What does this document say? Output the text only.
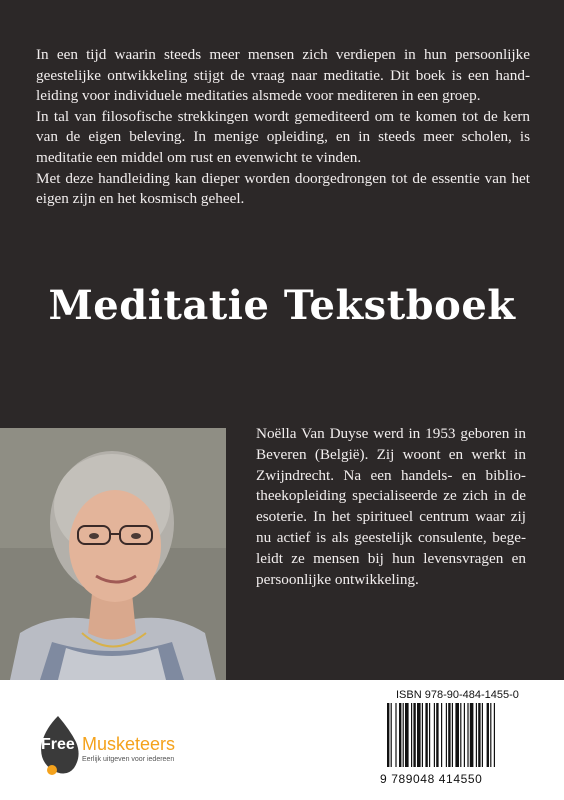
In een tijd waarin steeds meer mensen zich verdiepen in hun persoonlijke geestelijke ontwikkeling stijgt de vraag naar meditatie. Dit boek is een hand-leiding voor individuele meditaties alsmede voor mediteren in een groep.

In tal van filosofische strekkingen wordt gemediteerd om te komen tot de kern van de eigen beleving. In menige opleiding, en in steeds meer scholen, is meditatie een middel om rust en evenwicht te vinden.

Met deze handleiding kan dieper worden doorgedrongen tot de essentie van het eigen zijn en het kosmisch geheel.

Meditatie Tekstboek
Noëlla Van Duyse werd in 1953 geboren in Beveren (België). Zij woont en werkt in Zwijndrecht. Na een handels- en biblio-theekopleiding specialiseerde ze zich in de esoterie. In het spiritueel centrum waar zij nu actief is als geestelijk consulente, bege-leidt ze mensen bij hun levensvragen en persoonlijke ontwikkeling.
Free Musketeers
Eerlijk uitgeven voor iedereen
ISBN 978-90-484-1455-0
9 789048 414550
